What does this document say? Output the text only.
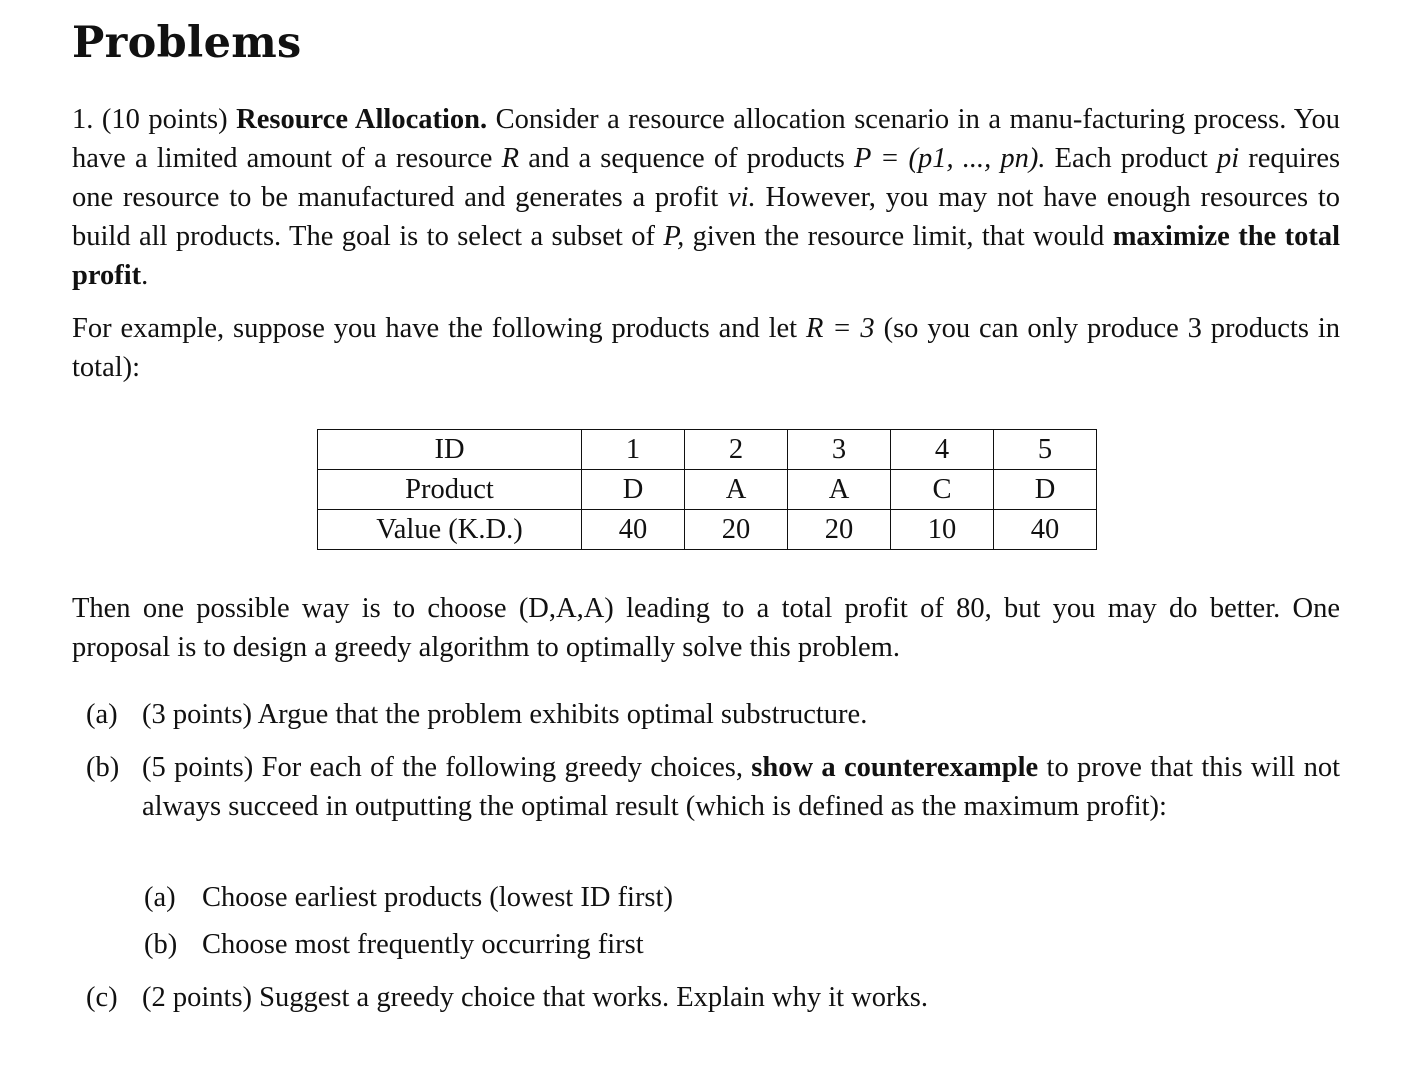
Problems
1. (10 points) Resource Allocation. Consider a resource allocation scenario in a manu-facturing process. You have a limited amount of a resource R and a sequence of products P = (p1, ..., pn). Each product pi requires one resource to be manufactured and generates a profit vi. However, you may not have enough resources to build all products. The goal is to select a subset of P, given the resource limit, that would maximize the total profit.
For example, suppose you have the following products and let R = 3 (so you can only produce 3 products in total):
ID	1	2	3	4	5
Product	D	A	A	C	D
Value (K.D.)	40	20	20	10	40
Then one possible way is to choose (D,A,A) leading to a total profit of 80, but you may do better. One proposal is to design a greedy algorithm to optimally solve this problem.
(a) (3 points) Argue that the problem exhibits optimal substructure.
(b) (5 points) For each of the following greedy choices, show a counterexample to prove that this will not always succeed in outputting the optimal result (which is defined as the maximum profit):
(a) Choose earliest products (lowest ID first)
(b) Choose most frequently occurring first
(c) (2 points) Suggest a greedy choice that works. Explain why it works.
